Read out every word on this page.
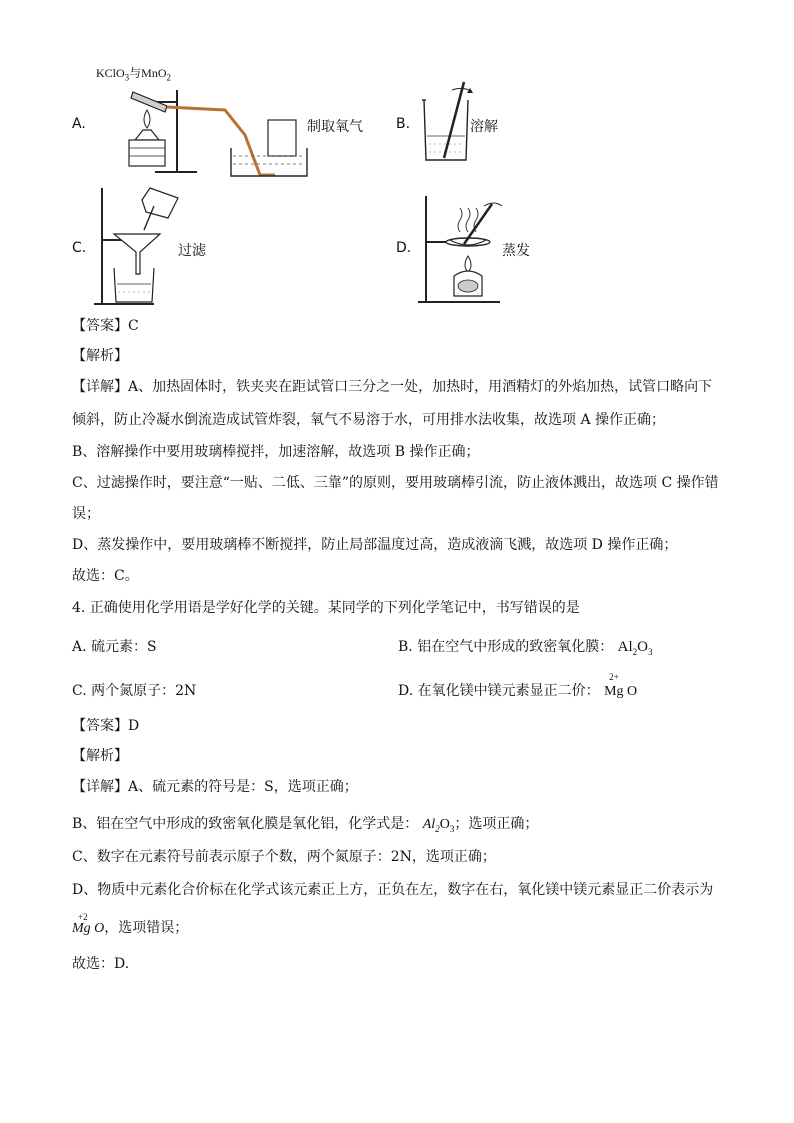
A.
KClO$_3$与MnO$_2$
制取氧气 B.	溶解
C.	过滤	D.	蒸发
【答案】C
【解析】
【详解】A、加热固体时，铁夹夹在距试管口三分之一处，加热时，用酒精灯的外焰加热，试管口略向下
倾斜，防止冷凝水倒流造成试管炸裂，氧气不易溶于水，可用排水法收集，故选项 A 操作正确；
B、溶解操作中要用玻璃棒搅拌，加速溶解，故选项 B 操作正确；
C、过滤操作时，要注意“一贴、二低、三靠”的原则，要用玻璃棒引流，防止液体溅出，故选项 C 操作错
误；
D、蒸发操作中，要用玻璃棒不断搅拌，防止局部温度过高，造成液滴飞溅，故选项 D 操作正确；
故选：C。
4. 正确使用化学用语是学好化学的关键。某同学的下列化学笔记中，书写错误的是
A. 硫元素：S	B. 铝在空气中形成的致密氧化膜： $Al_2O_3$
C. 两个氮原子：2N	D. 在氧化镁中镁元素显正二价：
2+
Mg O
【答案】D
【解析】
【详解】A、硫元素的符号是：S，选项正确；
B、铝在空气中形成的致密氧化膜是氧化铝，化学式是： $Al_2O_3$；选项正确；
C、数字在元素符号前表示原子个数，两个氮原子：2N，选项正确；
D、物质中元素化合价标在化学式该元素正上方，正负在左，数字在右，氧化镁中镁元素显正二价表示为
+2
Mg O，选项错误；
故选：D.
